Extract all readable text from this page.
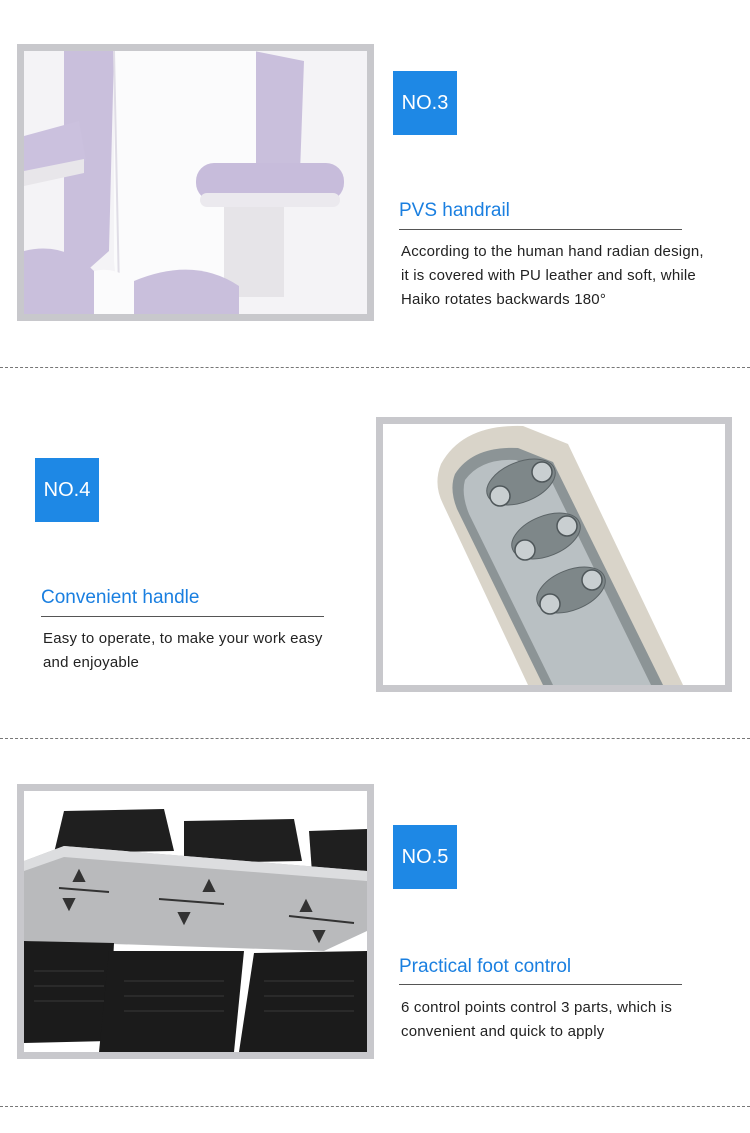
NO.3
PVS handrail
According to the human hand radian design,
it is covered with PU leather and soft, while
Haiko rotates backwards 180°
NO.4
Convenient handle
Easy to operate, to make your work easy
and enjoyable
NO.5
Practical foot control
6 control points control 3 parts, which is
convenient and quick to apply
